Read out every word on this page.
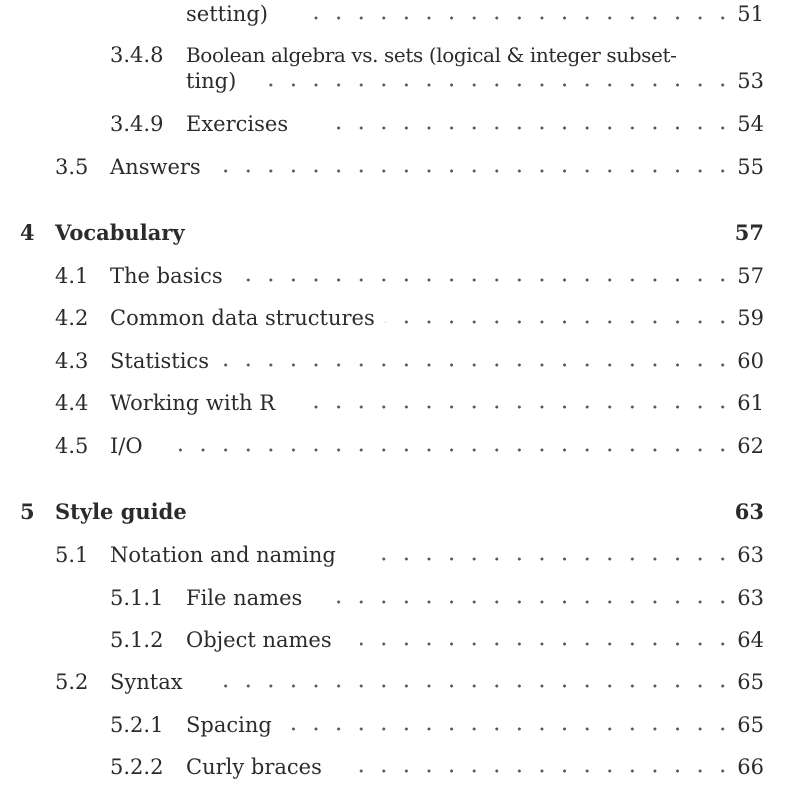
setting)	51
3.4.8 Boolean algebra vs. sets (logical & integer subset-
ting)	53
3.4.9 Exercises	54
3.5 Answers	55
4 Vocabulary	57
4.1 The basics	57
4.2 Common data structures	59
4.3 Statistics	60
4.4 Working with R	61
4.5 I/O	62
5 Style guide	63
5.1 Notation and naming	63
5.1.1 File names	63
5.1.2 Object names	64
5.2 Syntax	65
5.2.1 Spacing	65
5.2.2 Curly braces	66
